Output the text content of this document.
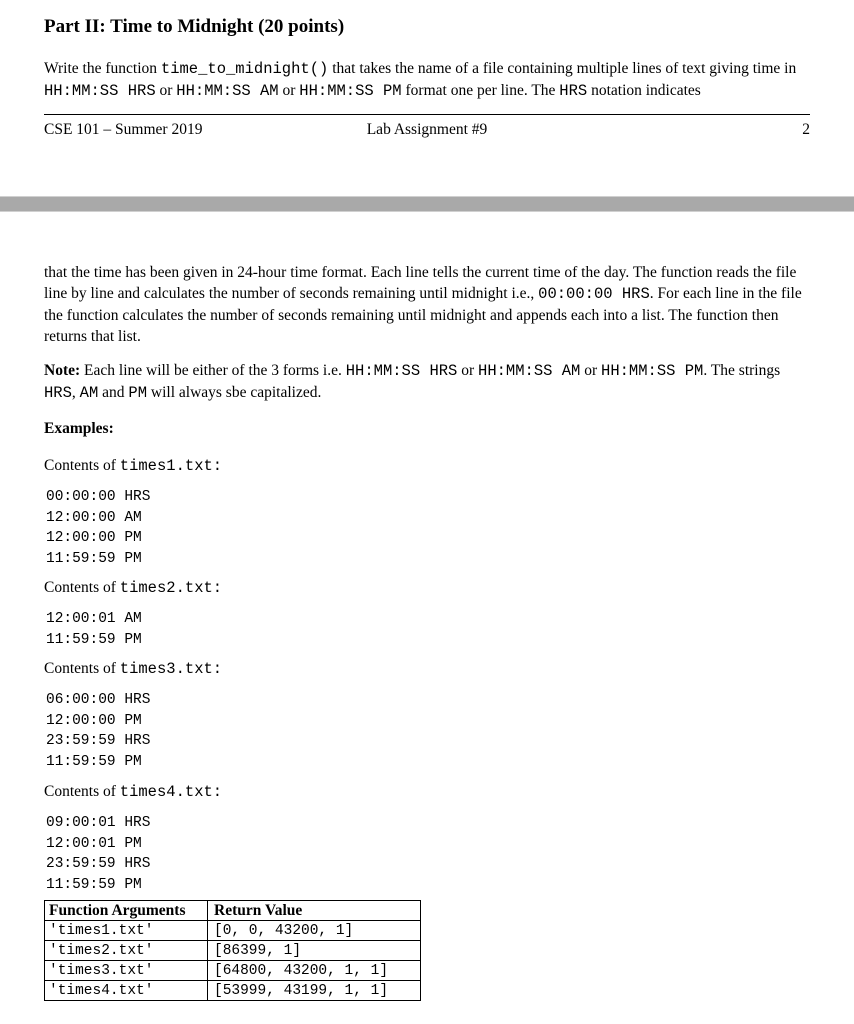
Part II: Time to Midnight (20 points)
Write the function time_to_midnight() that takes the name of a file containing multiple lines of text giving time in HH:MM:SS HRS or HH:MM:SS AM or HH:MM:SS PM format one per line. The HRS notation indicates
CSE 101 – Summer 2019	Lab Assignment #9	2
that the time has been given in 24-hour time format. Each line tells the current time of the day. The function reads the file line by line and calculates the number of seconds remaining until midnight i.e., 00:00:00 HRS. For each line in the file the function calculates the number of seconds remaining until midnight and appends each into a list. The function then returns that list.
Note: Each line will be either of the 3 forms i.e. HH:MM:SS HRS or HH:MM:SS AM or HH:MM:SS PM. The strings HRS, AM and PM will always sbe capitalized.
Examples:
Contents of times1.txt:
00:00:00 HRS
12:00:00 AM
12:00:00 PM
11:59:59 PM
Contents of times2.txt:
12:00:01 AM
11:59:59 PM
Contents of times3.txt:
06:00:00 HRS
12:00:00 PM
23:59:59 HRS
11:59:59 PM
Contents of times4.txt:
09:00:01 HRS
12:00:01 PM
23:59:59 HRS
11:59:59 PM
Function Arguments	Return Value
'times1.txt'	[0, 0, 43200, 1]
'times2.txt'	[86399, 1]
'times3.txt'	[64800, 43200, 1, 1]
'times4.txt'	[53999, 43199, 1, 1]
